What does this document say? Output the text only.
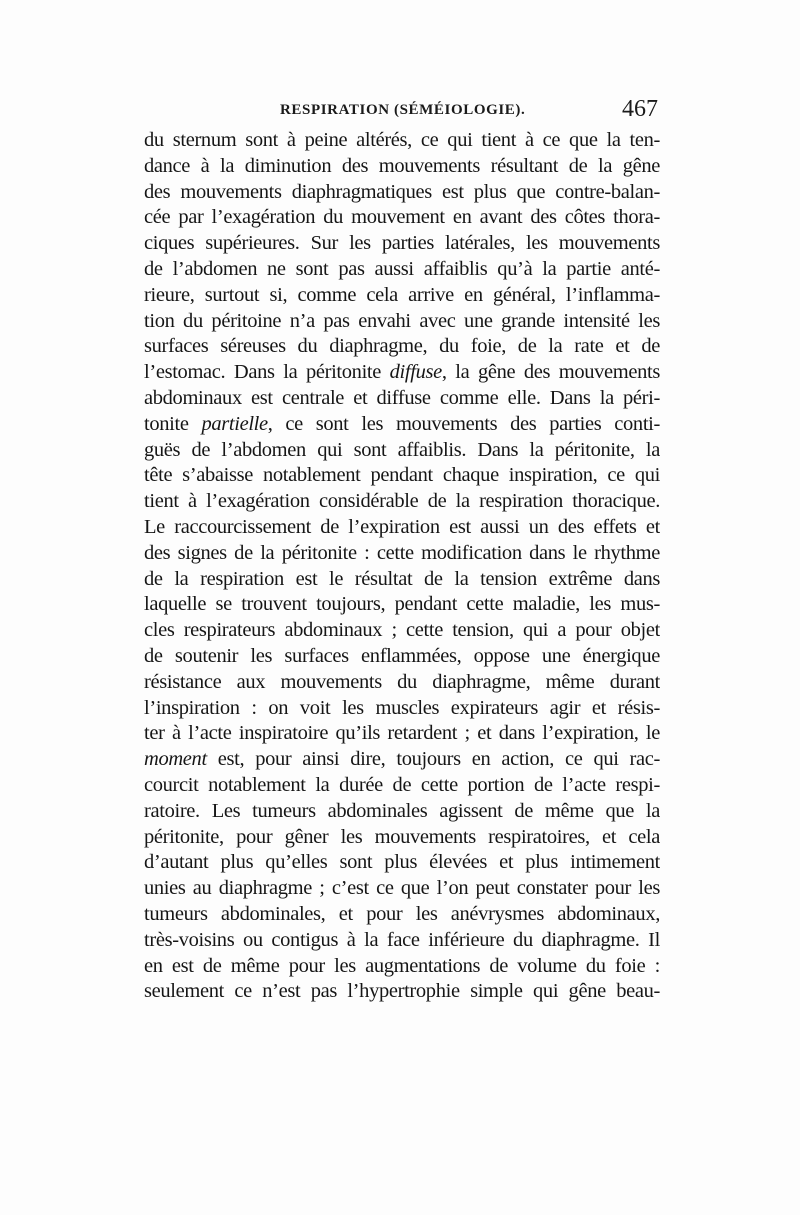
RESPIRATION (SÉMÉIOLOGIE).	467
du sternum sont à peine altérés, ce qui tient à ce que la ten-
dance à la diminution des mouvements résultant de la gêne
des mouvements diaphragmatiques est plus que contre-balan-
cée par l’exagération du mouvement en avant des côtes thora-
ciques supérieures. Sur les parties latérales, les mouvements
de l’abdomen ne sont pas aussi affaiblis qu’à la partie anté-
rieure, surtout si, comme cela arrive en général, l’inflamma-
tion du péritoine n’a pas envahi avec une grande intensité les
surfaces séreuses du diaphragme, du foie, de la rate et de
l’estomac. Dans la péritonite diffuse, la gêne des mouvements
abdominaux est centrale et diffuse comme elle. Dans la péri-
tonite partielle, ce sont les mouvements des parties conti-
guës de l’abdomen qui sont affaiblis. Dans la péritonite, la
tête s’abaisse notablement pendant chaque inspiration, ce qui
tient à l’exagération considérable de la respiration thoracique.
Le raccourcissement de l’expiration est aussi un des effets et
des signes de la péritonite : cette modification dans le rhythme
de la respiration est le résultat de la tension extrême dans
laquelle se trouvent toujours, pendant cette maladie, les mus-
cles respirateurs abdominaux ; cette tension, qui a pour objet
de soutenir les surfaces enflammées, oppose une énergique
résistance aux mouvements du diaphragme, même durant
l’inspiration : on voit les muscles expirateurs agir et résis-
ter à l’acte inspiratoire qu’ils retardent ; et dans l’expiration, le
moment est, pour ainsi dire, toujours en action, ce qui rac-
courcit notablement la durée de cette portion de l’acte respi-
ratoire. Les tumeurs abdominales agissent de même que la
péritonite, pour gêner les mouvements respiratoires, et cela
d’autant plus qu’elles sont plus élevées et plus intimement
unies au diaphragme ; c’est ce que l’on peut constater pour les
tumeurs abdominales, et pour les anévrysmes abdominaux,
très-voisins ou contigus à la face inférieure du diaphragme. Il
en est de même pour les augmentations de volume du foie :
seulement ce n’est pas l’hypertrophie simple qui gêne beau-
